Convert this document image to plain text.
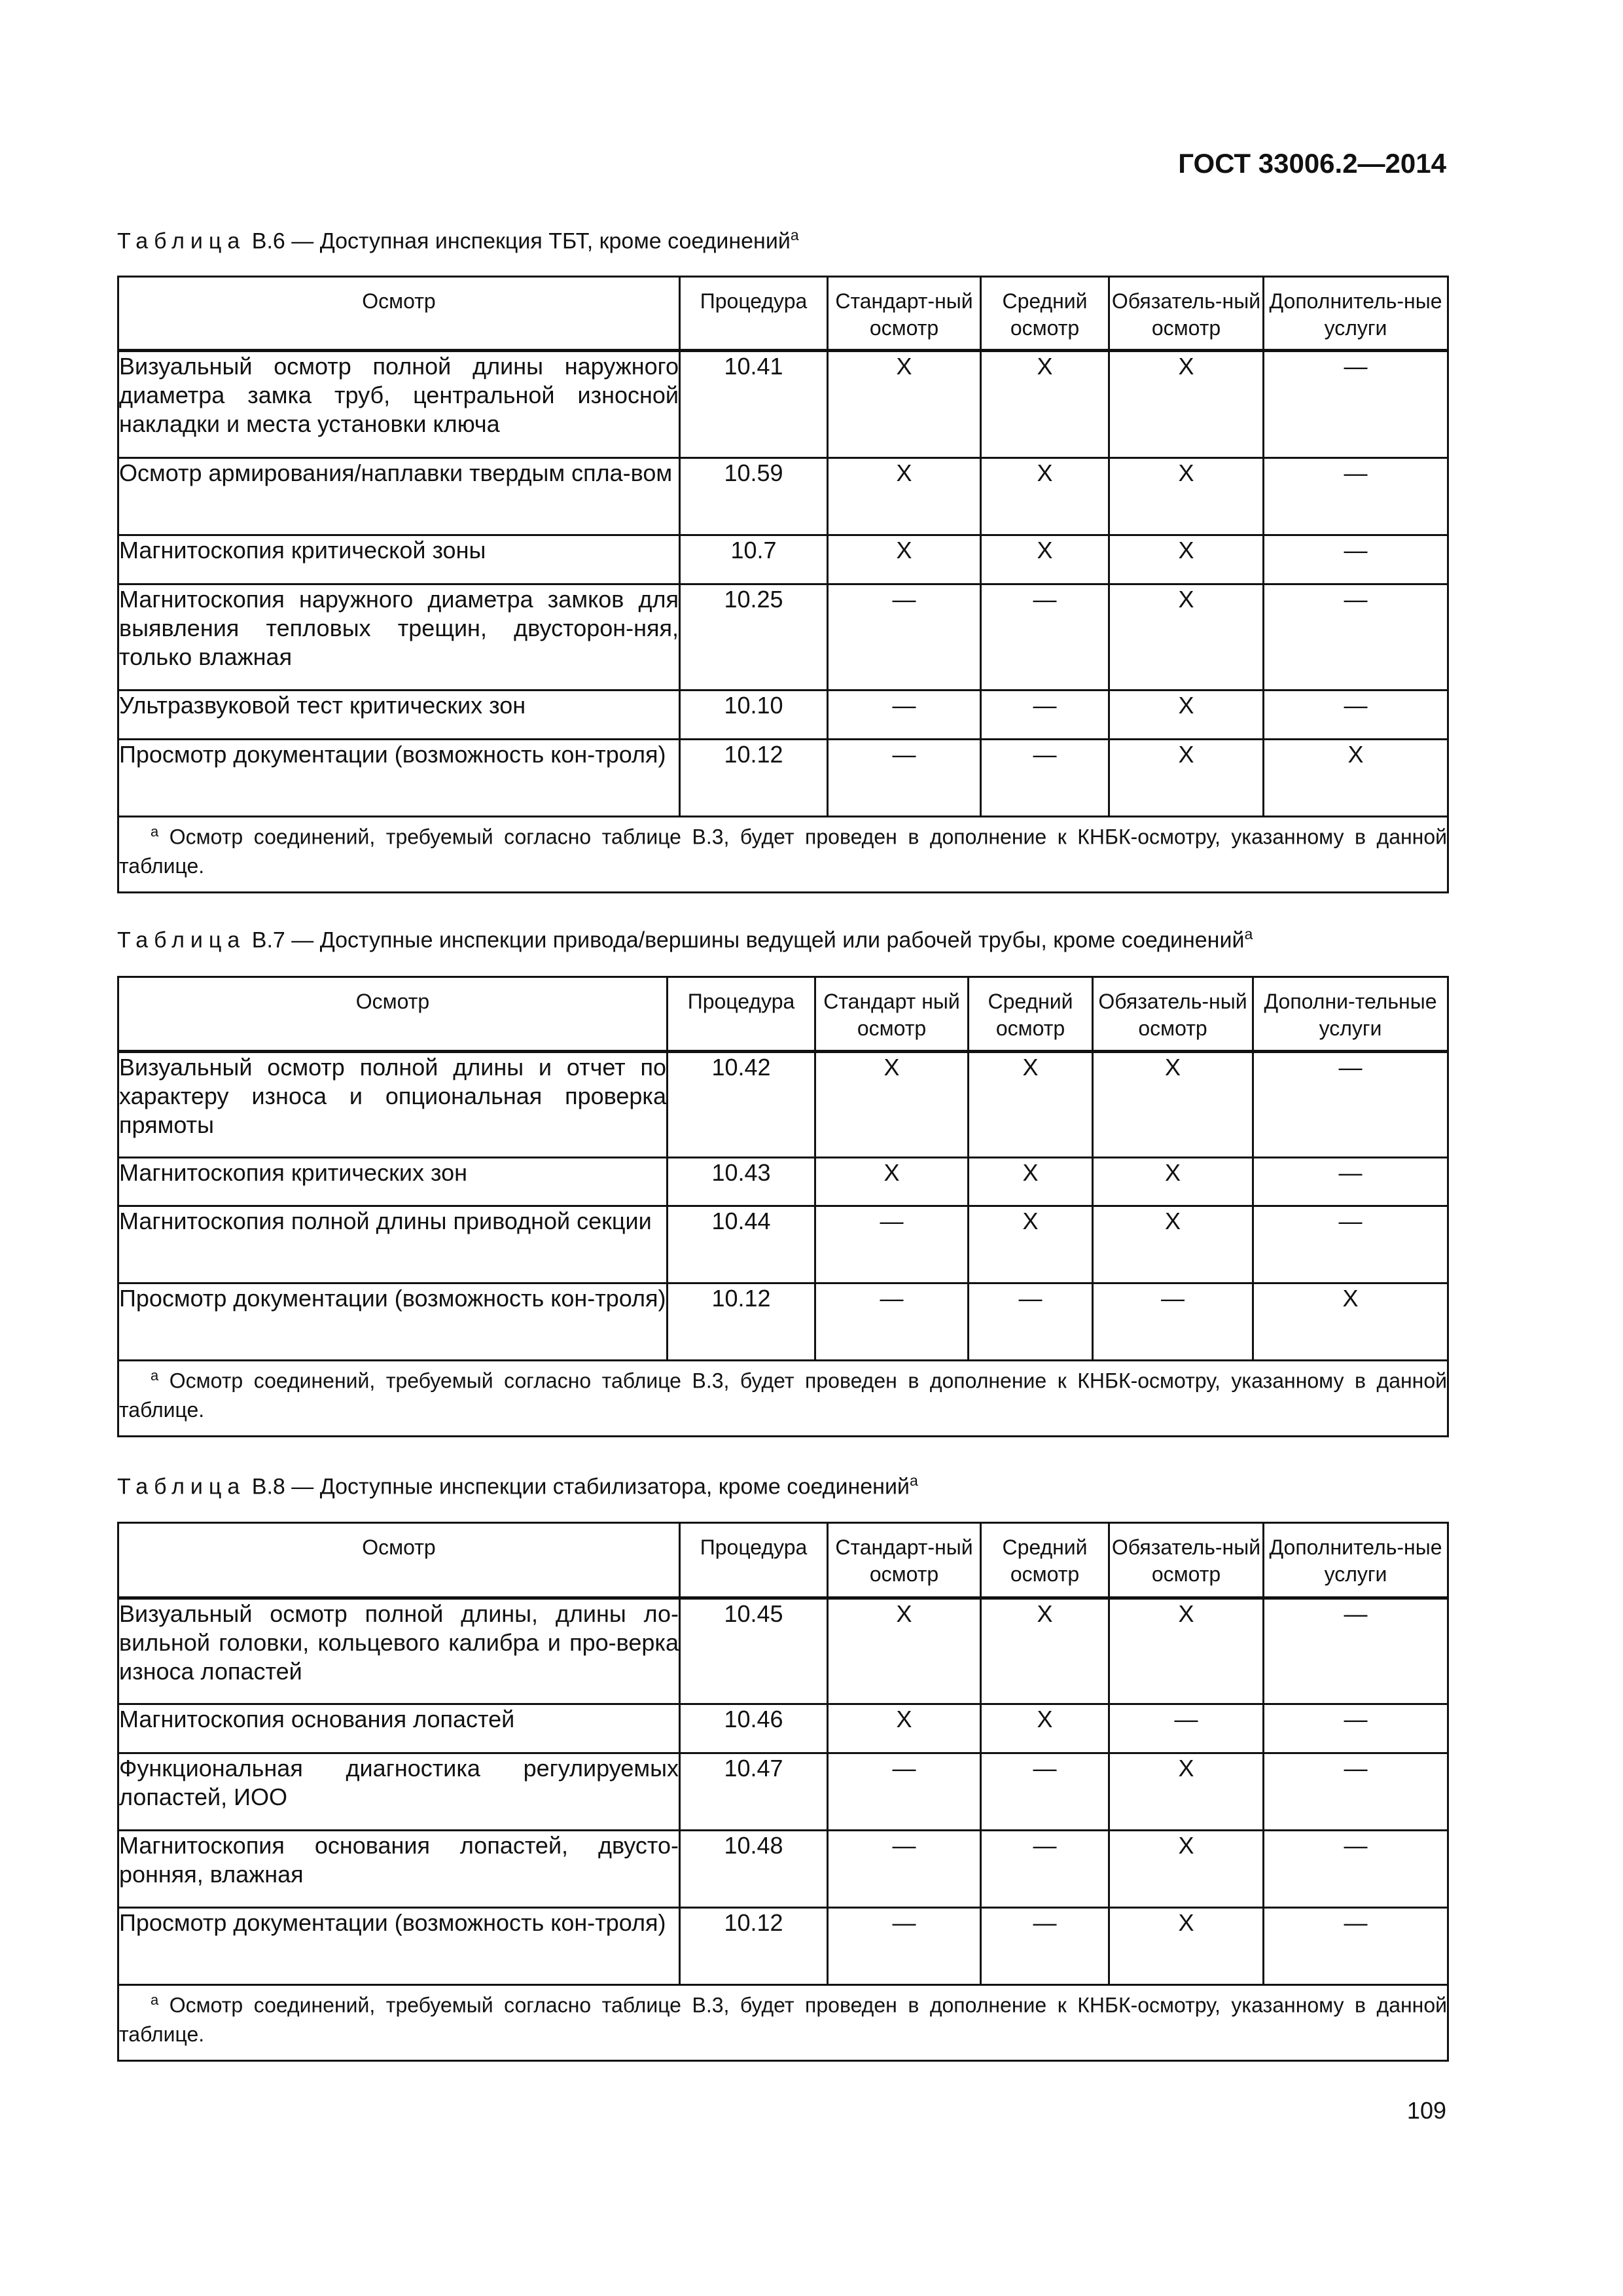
ГОСТ 33006.2—2014
Таблица В.6 — Доступная инспекция ТБТ, кроме соединений$^a$
Осмотр	Процедура	Стандарт-ный осмотр	Средний осмотр	Обязатель-ный осмотр	Дополнитель-ные услуги
Визуальный осмотр полной длины наружного диаметра замка труб, центральной износной накладки и места установки ключа	10.41	X	X	X	—
Осмотр армирования/наплавки твердым спла-вом	10.59	X	X	X	—
Магнитоскопия критической зоны	10.7	X	X	X	—
Магнитоскопия наружного диаметра замков для выявления тепловых трещин, двусторон-няя, только влажная	10.25	—	—	X	—
Ультразвуковой тест критических зон	10.10	—	—	X	—
Просмотр документации (возможность кон-троля)	10.12	—	—	X	X
$^a$ Осмотр соединений, требуемый согласно таблице В.3, будет проведен в дополнение к КНБК-осмотру, указанному в данной таблице.					
Таблица В.7 — Доступные инспекции привода/вершины ведущей или рабочей трубы, кроме соединений$^a$
Осмотр	Процедура	Стандарт ный осмотр	Средний осмотр	Обязатель-ный осмотр	Дополни-тельные услуги
Визуальный осмотр полной длины и отчет по характеру износа и опциональная проверка прямоты	10.42	X	X	X	—
Магнитоскопия критических зон	10.43	X	X	X	—
Магнитоскопия полной длины приводной секции	10.44	—	X	X	—
Просмотр документации (возможность кон-троля)	10.12	—	—	—	X
$^a$ Осмотр соединений, требуемый согласно таблице В.3, будет проведен в дополнение к КНБК-осмотру, указанному в данной таблице.					
Таблица В.8 — Доступные инспекции стабилизатора, кроме соединений$^a$
Осмотр	Процедура	Стандарт-ный осмотр	Средний осмотр	Обязатель-ный осмотр	Дополнитель-ные услуги
Визуальный осмотр полной длины, длины ло-вильной головки, кольцевого калибра и про-верка износа лопастей	10.45	X	X	X	—
Магнитоскопия основания лопастей	10.46	X	X	—	—
Функциональная диагностика регулируемых лопастей, ИОО	10.47	—	—	X	—
Магнитоскопия основания лопастей, двусто-ронняя, влажная	10.48	—	—	X	—
Просмотр документации (возможность кон-троля)	10.12	—	—	X	—
$^a$ Осмотр соединений, требуемый согласно таблице В.3, будет проведен в дополнение к КНБК-осмотру, указанному в данной таблице.					
109
